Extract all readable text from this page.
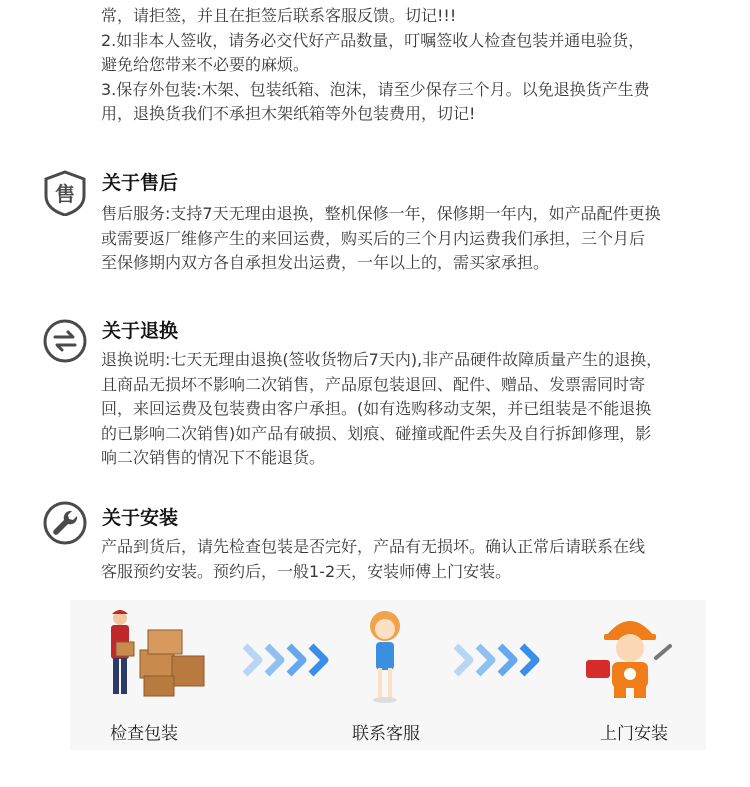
常，请拒签，并且在拒签后联系客服反馈。切记!!!
2.如非本人签收，请务必交代好产品数量，叮嘱签收人检查包装并通电验货，
避免给您带来不必要的麻烦。
3.保存外包装:木架、包装纸箱、泡沫，请至少保存三个月。以免退换货产生费
用，退换货我们不承担木架纸箱等外包装费用，切记!
售 关于售后
售后服务:支持7天无理由退换，整机保修一年，保修期一年内，如产品配件更换
或需要返厂维修产生的来回运费，购买后的三个月内运费我们承担，三个月后
至保修期内双方各自承担发出运费，一年以上的，需买家承担。
关于退换
退换说明:七天无理由退换(签收货物后7天内),非产品硬件故障质量产生的退换，
且商品无损坏不影响二次销售，产品原包装退回、配件、赠品、发票需同时寄
回，来回运费及包装费由客户承担。(如有选购移动支架，并已组装是不能退换
的已影响二次销售)如产品有破损、划痕、碰撞或配件丢失及自行拆卸修理，影
响二次销售的情况下不能退货。
关于安装
产品到货后，请先检查包装是否完好，产品有无损坏。确认正常后请联系在线
客服预约安装。预约后，一般1-2天，安装师傅上门安装。
检查包装	联系客服	上门安装
